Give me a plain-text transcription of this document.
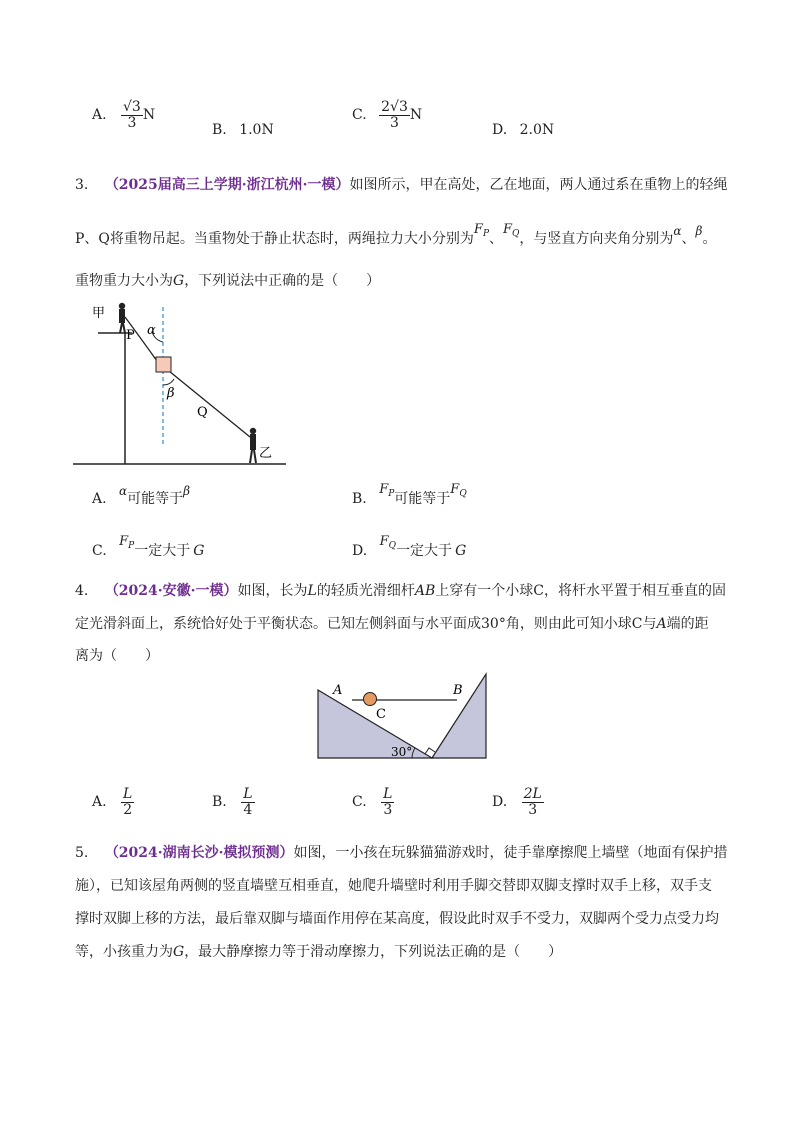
A. $\frac{√3}{3}$ N
B. 1.0N
C. $\frac{2√3}{3}$ N
D. 2.0N
3. （2025届高三上学期·浙江杭州·一模）如图所示，甲在高处，乙在地面，两人通过系在重物上的轻绳
P、Q将重物吊起。当重物处于静止状态时，两绳拉力大小分别为$F_P$、$F_Q$，与竖直方向夹角分别为α、β。
重物重力大小为G，下列说法中正确的是（　　）
甲
P α
β
Q
乙
A. α可能等于β	B. $F_P$可能等于$F_Q$
C. $F_P$一定大于 G	D. $F_Q$一定大于 G
4. （2024·安徽·一模）如图，长为L的轻质光滑细杆AB上穿有一个小球C，将杆水平置于相互垂直的固
定光滑斜面上，系统恰好处于平衡状态。已知左侧斜面与水平面成30°角，则由此可知小球C与A端的距
离为（　　）
A	B
C
30°
A. $\frac{L}{2}$	B. $\frac{L}{4}$	C. $\frac{L}{3}$	D. $\frac{2L}{3}$
5. （2024·湖南长沙·模拟预测）如图，一小孩在玩躲猫猫游戏时，徒手靠摩擦爬上墙壁（地面有保护措
施），已知该屋角两侧的竖直墙壁互相垂直，她爬升墙壁时利用手脚交替即双脚支撑时双手上移，双手支
撑时双脚上移的方法，最后靠双脚与墙面作用停在某高度，假设此时双手不受力，双脚两个受力点受力均
等，小孩重力为G，最大静摩擦力等于滑动摩擦力，下列说法正确的是（　　）
